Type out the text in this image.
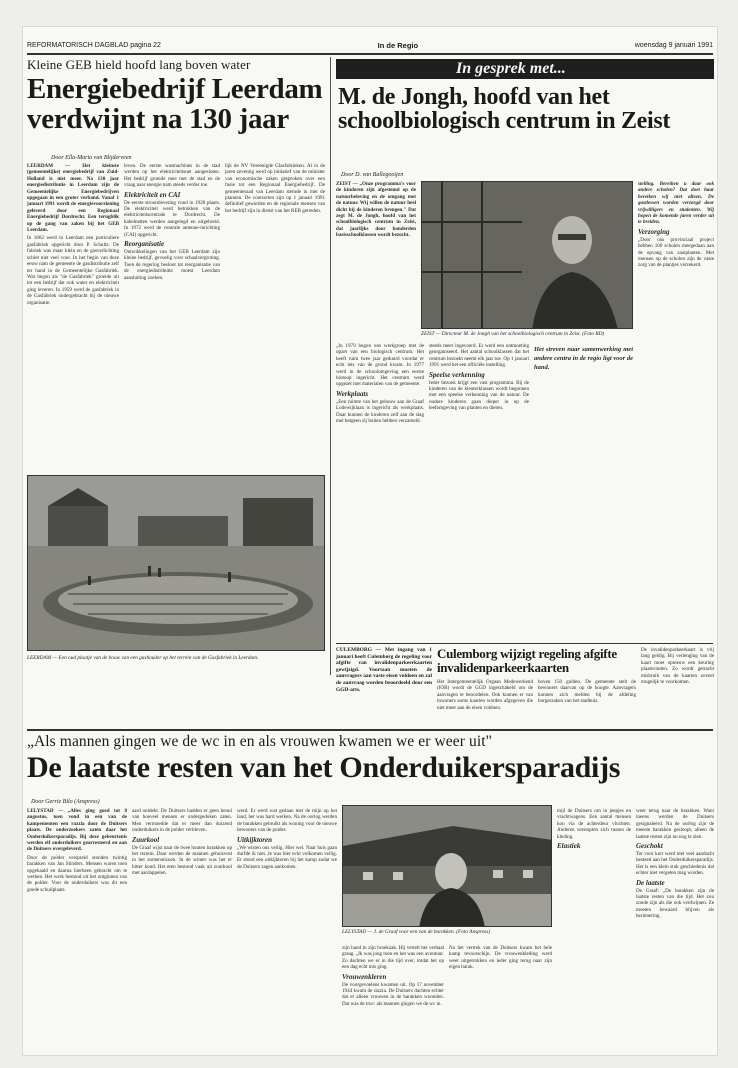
REFORMATORISCH DAGBLAD pagina 22	In de Regio	woensdag 9 januari 1991
Kleine GEB hield hoofd lang boven water
Energiebedrijf Leerdam verdwijnt na 130 jaar
Door Ella-Maria van Blijderveen
LEERDAM — Het kleinste (gemeentelijke) energiebedrijf van Zuid-Holland is niet meer. Na 130 jaar energiedistributie in Leerdam zijn de Gemeentelijke Energiebedrijven opgegaan in een groter verband. Vanaf 1 januari 1991 wordt de energievoorziening geleverd door een Regionaal Energiebedrijf Dordrecht. Een terugblik op de gang van zaken bij het GEB Leerdam.
In 1862 werd in Leerdam een particuliere gasfabriek opgericht door P. Schultz. De fabriek was maar klein en de gasverlichting schiet niet veel voor. In het begin van deze eeuw nam de gemeente de gasdistributie zelf ter hand in de Gemeentelijke Gasfabriek. Wat begon als "de Gasfabriek" groeide uit tot een bedrijf dat ook water en elektriciteit ging leveren. In 1959 werd de gasfabriek in de Gasfabriek ondergebracht bij de nieuwe organisatie.
leven. De eerste wasmachines in de stad werden op het elektriciteitsnet aangesloten. Het bedrijf groeide mee met de stad en de vraag naar energie nam steeds verder toe.
Elektriciteit en CAI
De eerste stroomlevering vond in 1928 plaats. De elektriciteit werd betrokken van de elektriciteitscentrale te Dordrecht. De kabelnetten werden aangelegd en uitgebreid. In 1972 werd de centrale antenne-inrichting (CAI) opgericht.
Reorganisatie
Ontwikkelingen van het GEB Leerdam zijn kleine bedrijf, gevoelig voor schaalvergroting. Toen de regering besloot tot reorganisatie van de energiedistributie moest Leerdam aansluiting zoeken.
lijk de NV Vereenigde Glasfabrieken. Al in de jaren zeventig werd op initiatief van de minister van economische zaken gesproken over een fusie tot een Regionaal Energiebedrijf. De gemeenteraad van Leerdam stemde in met de plannen. De contracten zijn op 1 januari 1991 definitief geworden en de regionale mensen van het bedrijf zijn in dienst van het REB getreden.
LEERDAM — Een oud plaatje van de bouw van een gashouder op het terrein van de Gasfabriek in Leerdam.
In gesprek met...
M. de Jongh, hoofd van het schoolbiologisch centrum in Zeist
Door D. van Ballegooijen
ZEIST — „Onze programma's voor de kinderen zijn afgestemd op de natuurbeleving en de omgang met de natuur. Wij willen de natuur heel dicht bij de kinderen brengen." Dat zegt M. de Jongh, hoofd van het schoolbiologisch centrum in Zeist, dat jaarlijks door honderden basisschoolklassen wordt bezocht.
ZEIST — Directeur M. de Jongh van het schoolbiologisch centrum in Zeist. (Foto RD)
stelling. Bereiken u daar ook andere scholen? Dat doet haar bereiken wij niet alleen. De gastlessen worden verzorgd door vrijwilligers en studenten. Wij hopen de komende jaren verder uit te breiden.
Verzorging
„Door ons provinciaal project hebben 100 scholen meegedaan aan de opvang van zaaiplanten. Met mensen op de scholen zijn de vaste zorg van de plantjes verzekerd.
„In 1979 begon ons werkgroep met de opzet van een biologisch centrum. Het heeft ruim twee jaar geduurd voordat er echt iets van de grond kwam. In 1977 werd in de schoolomgeving een eerste biotoop ingericht. Het centrum werd opgezet met materialen van de gemeente.
Werkplaats
„Een ruimte van het gebouw aan de Graaf Lodewijklaan is ingericht als werkplaats. Daar kunnen de kinderen zelf aan de slag met hetgeen zij buiten hebben verzameld.
steeds meer ingevoerd. Er werd een ontmoeting georganiseerd. Het aantal schoolklassen dat het centrum bezoekt neemt elk jaar toe. Op 1 januari 1991 werd het een officiële instelling.
Speelse verkenning
Ieder bezoek krijgt een vast programma. Bij de kinderen van de kleuterklassen wordt begonnen met een speelse verkenning van de natuur. De oudere kinderen gaan dieper in op de leefomgeving van planten en dieren.
Het streven naar samenwerking met andere centra in de regio ligt voor de hand.
CULEMBORG — Met ingang van 1 januari heeft Culemborg de regeling voor afgifte van invalidenparkeerkaarten gewijzigd. Voortaan moeten de aanvragers aan vaste eisen voldoen en zal de aanvraag worden beoordeeld door een GGD-arts.
Culemborg wijzigt regeling afgifte invalidenparkeerkaarten
Het Intergemeentelijk Orgaan Medewerkend (IOB) wordt de GGD ingeschakeld om de aanvragen te beoordelen. Ook kunnen er van inwoners soms kaarten worden afgegeven die niet meer aan de eisen voldoen.
boven 150 gulden. De gemeente stelt de bewoners daarvan op de hoogte. Aanvragers kunnen zich melden bij de afdeling burgerzaken van het stadhuis.
De invalidenparkeerkaart is vrij lang geldig. Bij verlenging van de kaart moet opnieuw een keuring plaatsvinden. Zo wordt getracht misbruik van de kaarten zoveel mogelijk te voorkomen.
„Als mannen gingen we de wc in en als vrouwen kwamen we er weer uit"
De laatste resten van het Onderduikersparadijs
Door Gerrie Bilo (Anspress)
LELYSTAD — „Alles ging goed tot 8 augustus, toen vond in een van de kampementen een razzia door de Duitsers plaats. De onderzoekers zaten daar het Onderduikersparadijs. Bij deze gebeurtenis werden elf onderduikers gearresteerd en aan de Duitsers overgeleverd.
Door de polder verspreid stonden twintig barakken van Jan Stinders. Mensen waren toen opgehaald en daarna hierheen gebracht om te werken. Het werk bestond uit het ontginnen van de polder. Voor de onderduikers was dit een goede schuilplaats.
aard ontdekt. De Duitsers hadden er geen benul van hoeveel mensen er ondergedoken zaten. Men vermoedde dat er meer dan duizend onderduikers in de polder verbleven.
Zuurkool
De Graaf wijst naar de twee houten barakken op het terrein. Daar werden de mannen gehuisvest in het zomerseizoen. In de winter was het er bitter koud. Het eten bestond vaak uit zuurkool met aardappelen.
werd. Er werd wat gedaan met de mijn op het land, het was hard werken. Na de oorlog werden de barakken gebruikt als woning voor de nieuwe bewoners van de polder.
Uitkijktoren
„We wisten ons veilig. Hier wel. Naar huis gaan durfde ik niet. Je was hier echt volkomen veilig. Er stond een uitkijktoren bij het kamp zodat we de Duitsers zagen aankomen.
LELYSTAD — J. de Graaf voor een van de barakken. (Foto Anspress)
zijn hand in zijn broekzak. Hij vertelt het verhaal graag. „Ik was jong toen en het was een avontuur. Zo dachten we er in die tijd over, totdat het op een dag echt mis ging.
Vrouwenkleren
De voorgevoelens kwamen uit. Op 17 november 1944 kwam de razzia. De Duitsers dachten echter dat er alleen vrouwen in de barakken woonden. Dat was de truc: als mannen gingen we de wc in.
Na het vertrek van de Duitsers kwam het hele kamp tevoorschijn. De vrouwenkleding werd weer uitgetrokken en ieder ging terug naar zijn eigen barak.
mijl de Duitsers om in jeepjes en vrachtwagens. Een aantal mensen kon via de achterdeur vluchten. Anderen verstopten zich tussen de kleding.
Elastiek
weer terug naar de barakken. Want ineens werden de Duitsers gesignaleerd. Na de oorlog zijn de meeste barakken gesloopt, alleen de laatste resten zijn nu nog te zien.
Geschokt
Tot voor kort werd niet veel aandacht besteed aan het Onderduikersparadijs. Het is een klein stuk geschiedenis dat echter niet vergeten mag worden.
De laatste
De Graaf: „De barakken zijn de laatste resten van die tijd. Het zou zonde zijn als die ook verdwijnen. Ze moeten bewaard blijven als herinnering.
